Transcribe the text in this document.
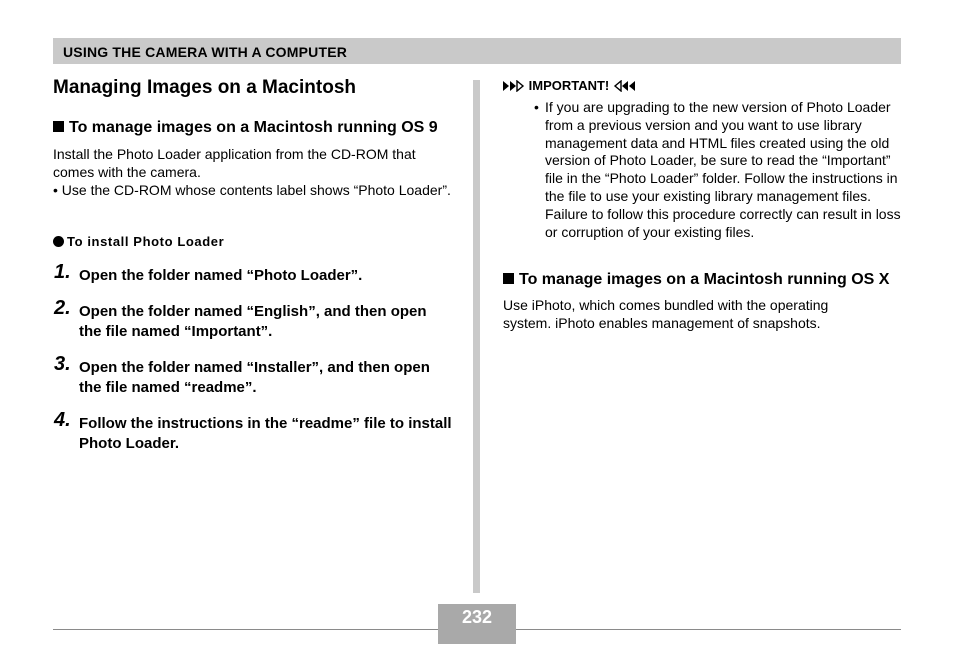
USING THE CAMERA WITH A COMPUTER
Managing Images on a Macintosh

To manage images on a Macintosh running OS 9

Install the Photo Loader application from the CD-ROM that comes with the camera.

• Use the CD-ROM whose contents label shows “Photo Loader”.

To install Photo Loader

1. Open the folder named “Photo Loader”.

2. Open the folder named “English”, and then open the file named “Important”.

3. Open the folder named “Installer”, and then open the file named “readme”.

4. Follow the instructions in the “readme” file to install Photo Loader.

IMPORTANT!

• If you are upgrading to the new version of Photo Loader from a previous version and you want to use library management data and HTML files created using the old version of Photo Loader, be sure to read the “Important” file in the “Photo Loader” folder. Follow the instructions in the file to use your existing library management files. Failure to follow this procedure correctly can result in loss or corruption of your existing files.

To manage images on a Macintosh running OS X

Use iPhoto, which comes bundled with the operating system. iPhoto enables management of snapshots.

232
